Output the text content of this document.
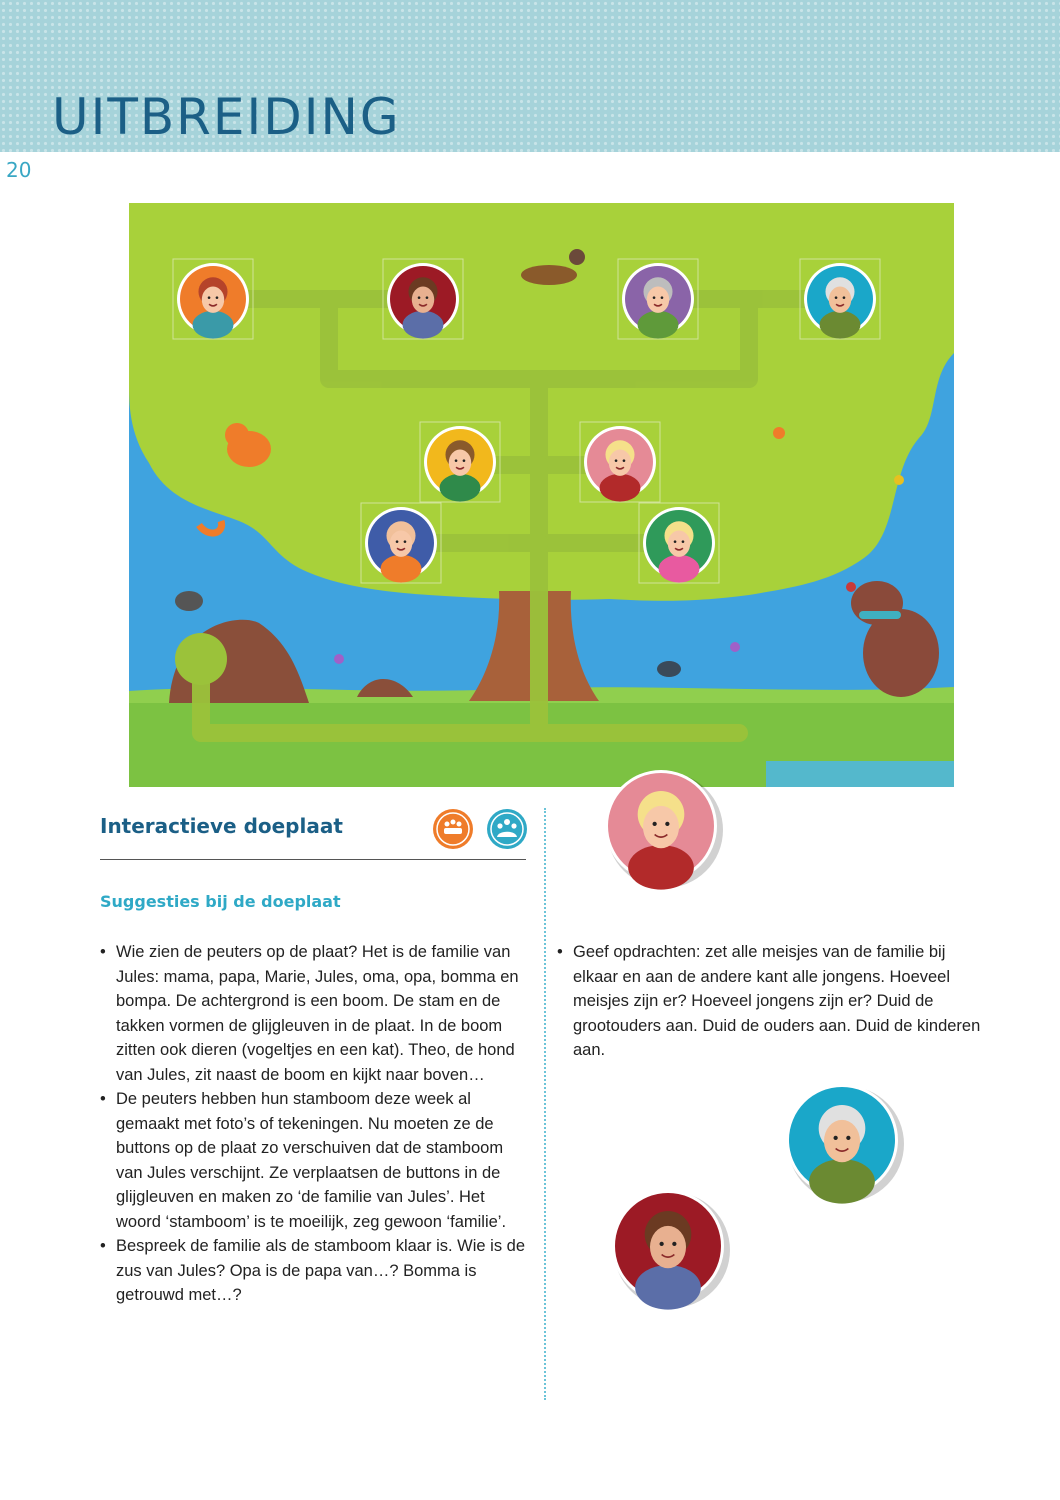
UITBREIDING
20
Interactieve doeplaat
Suggesties bij de doeplaat
• Wie zien de peuters op de plaat? Het is de familie van Jules: mama, papa, Marie, Jules, oma, opa, bomma en bompa. De achtergrond is een boom. De stam en de takken vormen de glijgleuven in de plaat. In de boom zitten ook dieren (vogeltjes en een kat). Theo, de hond van Jules, zit naast de boom en kijkt naar boven…
• De peuters hebben hun stamboom deze week al gemaakt met foto’s of tekeningen. Nu moeten ze de buttons op de plaat zo verschuiven dat de stamboom van Jules verschijnt. Ze verplaatsen de buttons in de glijgleuven en maken zo ‘de familie van Jules’. Het woord ‘stamboom’ is te moeilijk, zeg gewoon ‘familie’.
• Bespreek de familie als de stamboom klaar is. Wie is de zus van Jules? Opa is de papa van…? Bomma is getrouwd met…?
• Geef opdrachten: zet alle meisjes van de familie bij elkaar en aan de andere kant alle jongens. Hoeveel meisjes zijn er? Hoeveel jongens zijn er? Duid de grootouders aan. Duid de ouders aan. Duid de kinderen aan.
